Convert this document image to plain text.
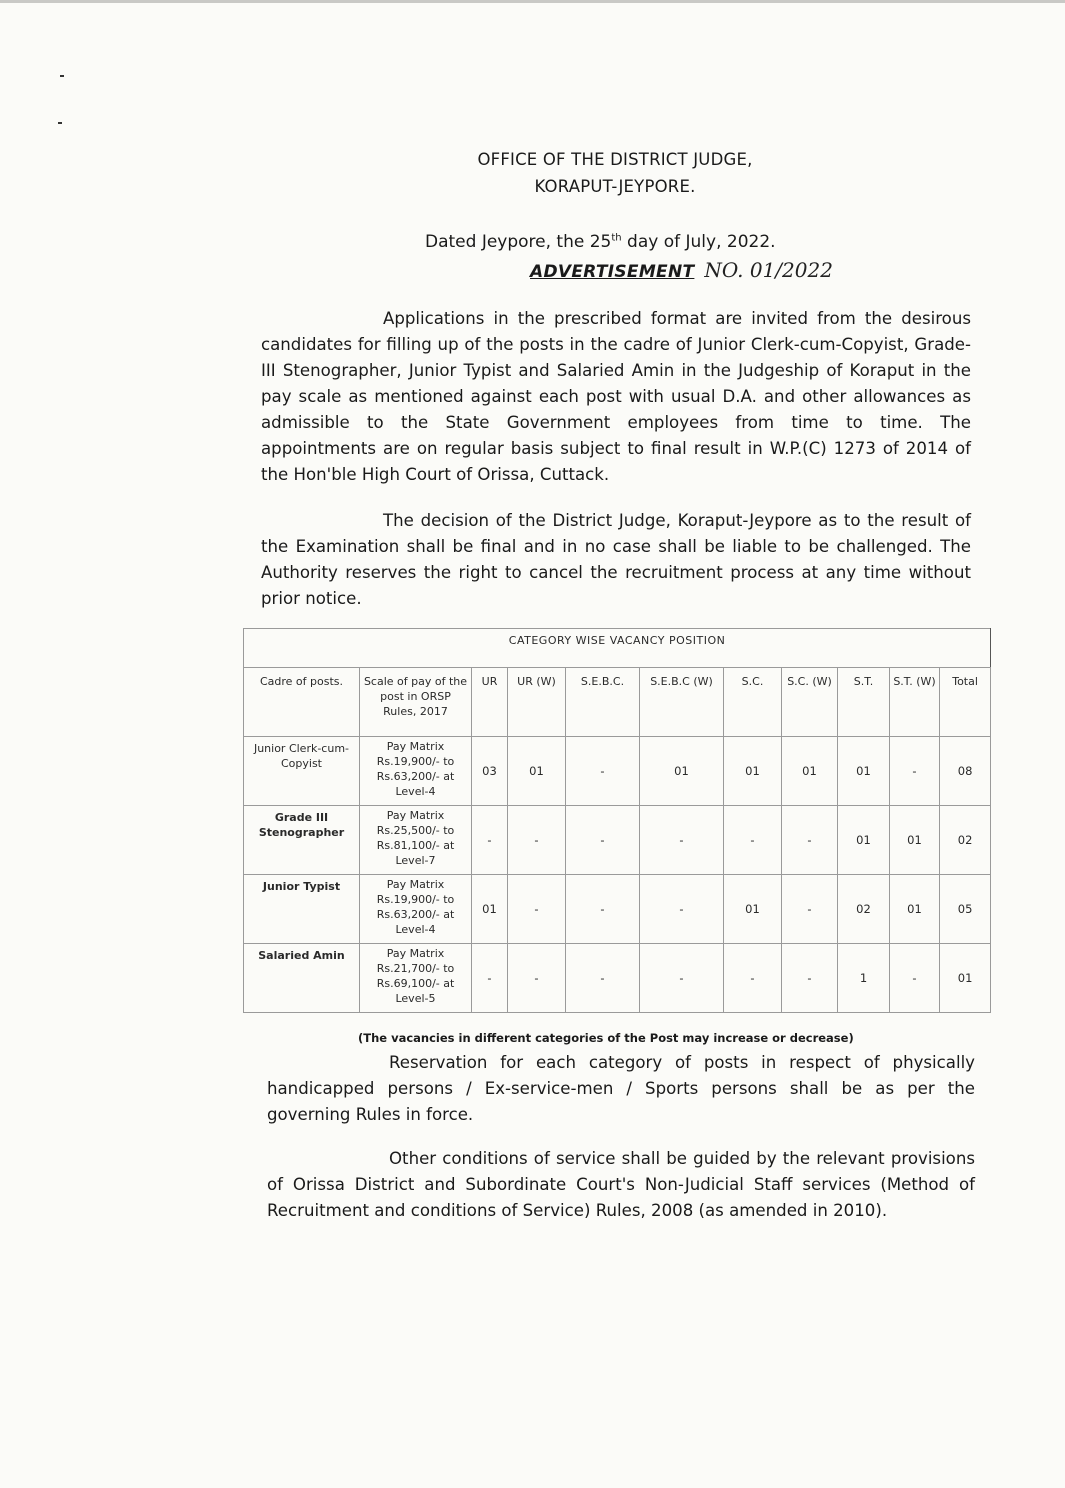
OFFICE OF THE DISTRICT JUDGE,
KORAPUT-JEYPORE.
Dated Jeypore, the 25th day of July, 2022.
ADVERTISEMENT NO. 01/2022
Applications in the prescribed format are invited from the desirous candidates for filling up of the posts in the cadre of Junior Clerk-cum-Copyist, Grade-III Stenographer, Junior Typist and Salaried Amin in the Judgeship of Koraput in the pay scale as mentioned against each post with usual D.A. and other allowances as admissible to the State Government employees from time to time. The appointments are on regular basis subject to final result in W.P.(C) 1273 of 2014 of the Hon'ble High Court of Orissa, Cuttack.
The decision of the District Judge, Koraput-Jeypore as to the result of the Examination shall be final and in no case shall be liable to be challenged. The Authority reserves the right to cancel the recruitment process at any time without prior notice.
CATEGORY WISE VACANCY POSITION										
Cadre of posts.	Scale of pay of the post in ORSP Rules, 2017	UR	UR (W)	S.E.B.C.	S.E.B.C (W)	S.C.	S.C. (W)	S.T.	S.T. (W)	Total
Junior Clerk-cum- Copyist	Pay Matrix Rs.19,900/- to Rs.63,200/- at Level-4	03	01	-	01	01	01	01	-	08
Grade III Stenographer	Pay Matrix Rs.25,500/- to Rs.81,100/- at Level-7	-	-	-	-	-	-	01	01	02
Junior Typist	Pay Matrix Rs.19,900/- to Rs.63,200/- at Level-4	01	-	-	-	01	-	02	01	05
Salaried Amin	Pay Matrix Rs.21,700/- to Rs.69,100/- at Level-5	-	-	-	-	-	-	1	-	01
(The vacancies in different categories of the Post may increase or decrease)
Reservation for each category of posts in respect of physically handicapped persons / Ex-service-men / Sports persons shall be as per the governing Rules in force.
Other conditions of service shall be guided by the relevant provisions of Orissa District and Subordinate Court's Non-Judicial Staff services (Method of Recruitment and conditions of Service) Rules, 2008 (as amended in 2010).
